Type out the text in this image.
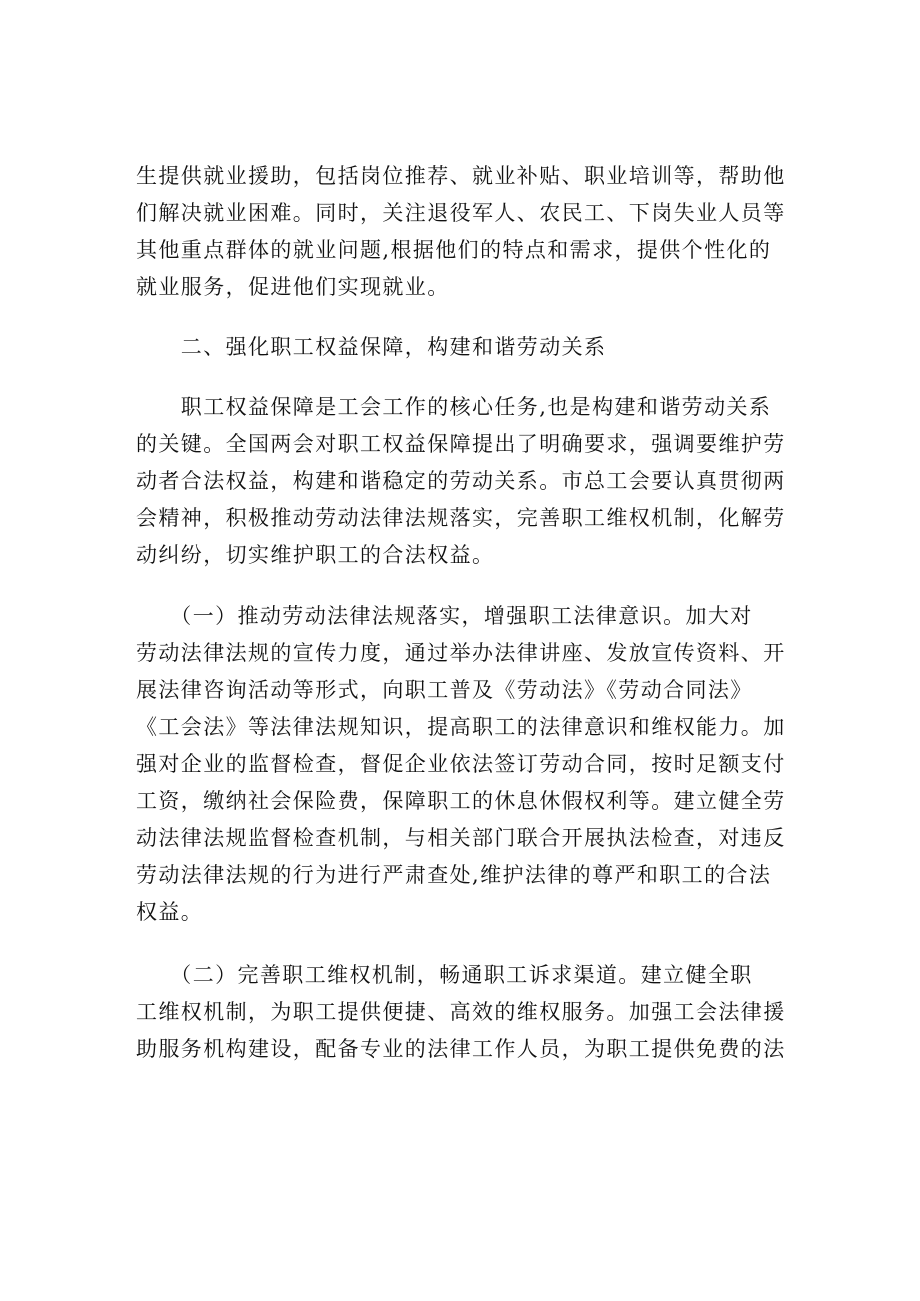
生提供就业援助，包括岗位推荐、就业补贴、职业培训等，帮助他
们解决就业困难。同时，关注退役军人、农民工、下岗失业人员等
其他重点群体的就业问题,根据他们的特点和需求，提供个性化的
就业服务，促进他们实现就业。
　　二、强化职工权益保障，构建和谐劳动关系
　　职工权益保障是工会工作的核心任务,也是构建和谐劳动关系
的关键。全国两会对职工权益保障提出了明确要求，强调要维护劳
动者合法权益，构建和谐稳定的劳动关系。市总工会要认真贯彻两
会精神，积极推动劳动法律法规落实，完善职工维权机制，化解劳
动纠纷，切实维护职工的合法权益。
　　（一）推动劳动法律法规落实，增强职工法律意识。加大对
劳动法律法规的宣传力度，通过举办法律讲座、发放宣传资料、开
展法律咨询活动等形式，向职工普及《劳动法》《劳动合同法》
《工会法》等法律法规知识，提高职工的法律意识和维权能力。加
强对企业的监督检查，督促企业依法签订劳动合同，按时足额支付
工资，缴纳社会保险费，保障职工的休息休假权利等。建立健全劳
动法律法规监督检查机制，与相关部门联合开展执法检查，对违反
劳动法律法规的行为进行严肃查处,维护法律的尊严和职工的合法
权益。
　　（二）完善职工维权机制，畅通职工诉求渠道。建立健全职
工维权机制，为职工提供便捷、高效的维权服务。加强工会法律援
助服务机构建设，配备专业的法律工作人员，为职工提供免费的法
